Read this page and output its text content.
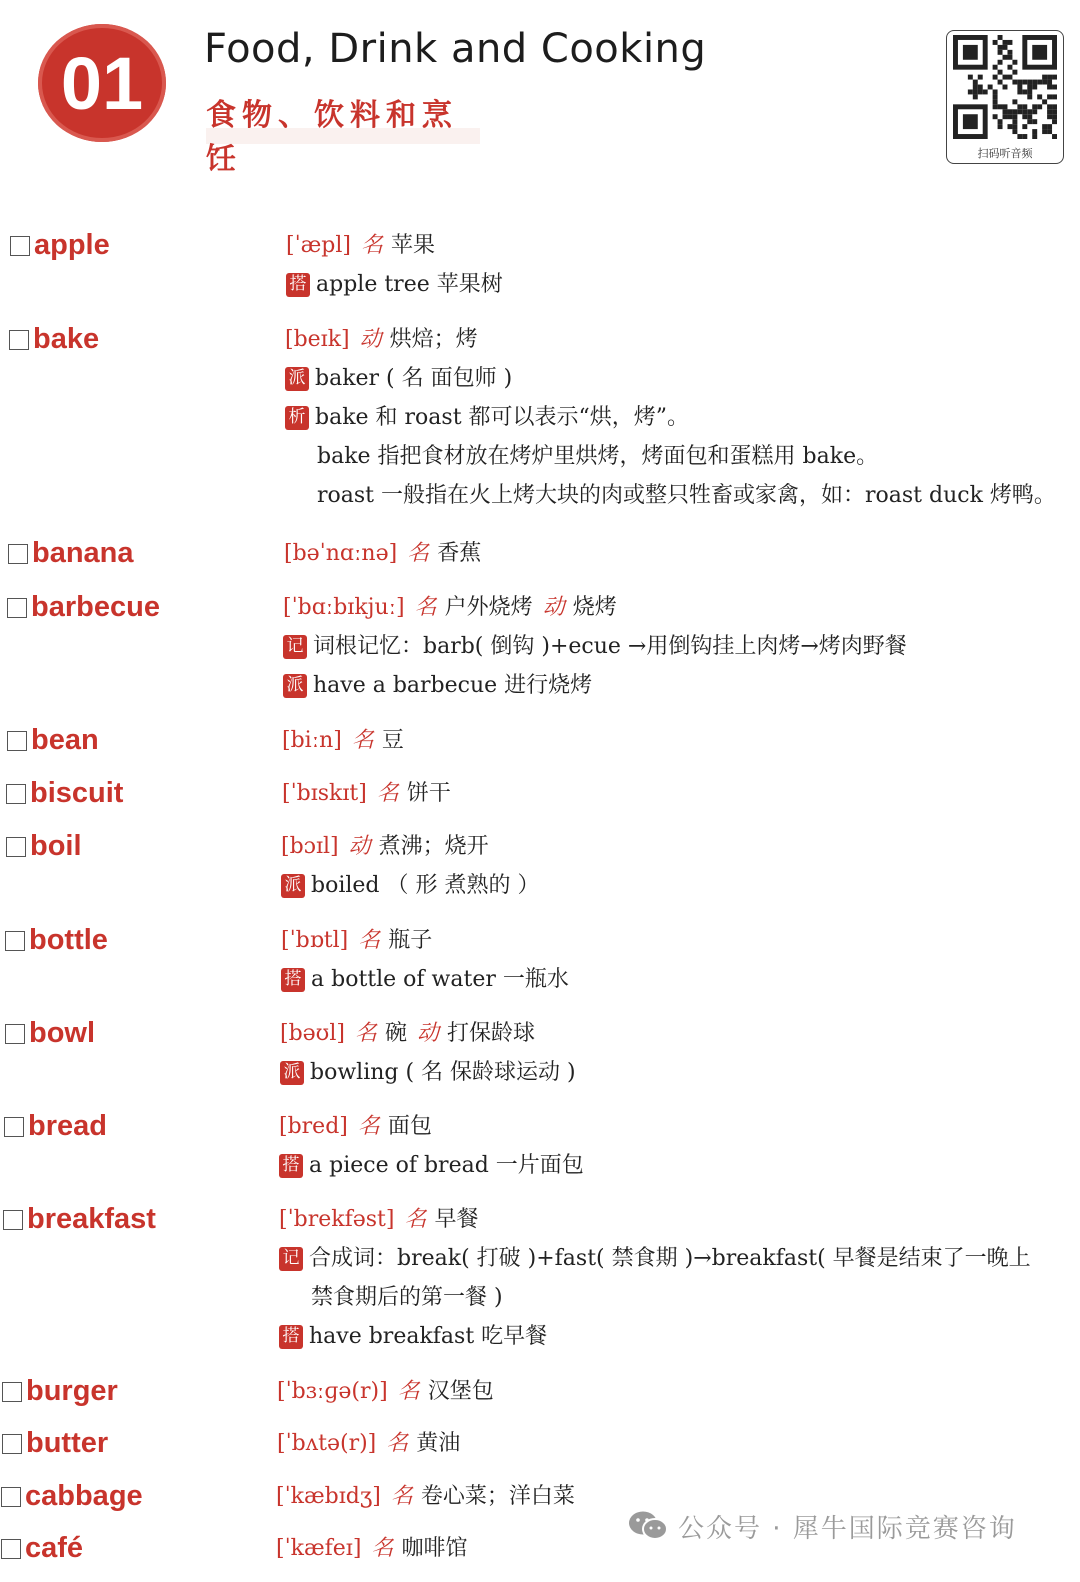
01	Food, Drink and Cooking
食物、饮料和烹饪	扫码听音频
apple	[ˈæpl] 名 苹果
搭 apple tree 苹果树
bake	[beɪk] 动 烘焙；烤
派 baker ( 名 面包师 )
析 bake 和 roast 都可以表示“烘，烤”。
bake 指把食材放在烤炉里烘烤，烤面包和蛋糕用 bake。
roast 一般指在火上烤大块的肉或整只牲畜或家禽，如：roast duck 烤鸭。
banana	[bəˈnɑːnə] 名 香蕉
barbecue	[ˈbɑːbɪkjuː] 名 户外烧烤 动 烧烤
记 词根记忆：barb( 倒钩 )+ecue →用倒钩挂上肉烤→烤肉野餐
派 have a barbecue 进行烧烤
bean	[biːn] 名 豆
biscuit	[ˈbɪskɪt] 名 饼干
boil	[bɔɪl] 动 煮沸；烧开
派 boiled （ 形 煮熟的 ）
bottle	[ˈbɒtl] 名 瓶子
搭 a bottle of water 一瓶水
bowl	[bəʊl] 名 碗 动 打保龄球
派 bowling ( 名 保龄球运动 )
bread	[bred] 名 面包
搭 a piece of bread 一片面包
breakfast	[ˈbrekfəst] 名 早餐
记 合成词：break( 打破 )+fast( 禁食期 )→breakfast( 早餐是结束了一晚上
禁食期后的第一餐 )
搭 have breakfast 吃早餐
burger	[ˈbɜːɡə(r)] 名 汉堡包
butter	[ˈbʌtə(r)] 名 黄油
cabbage	[ˈkæbɪdʒ] 名 卷心菜；洋白菜
café	[ˈkæfeɪ] 名 咖啡馆
公众号 · 犀牛国际竞赛咨询
